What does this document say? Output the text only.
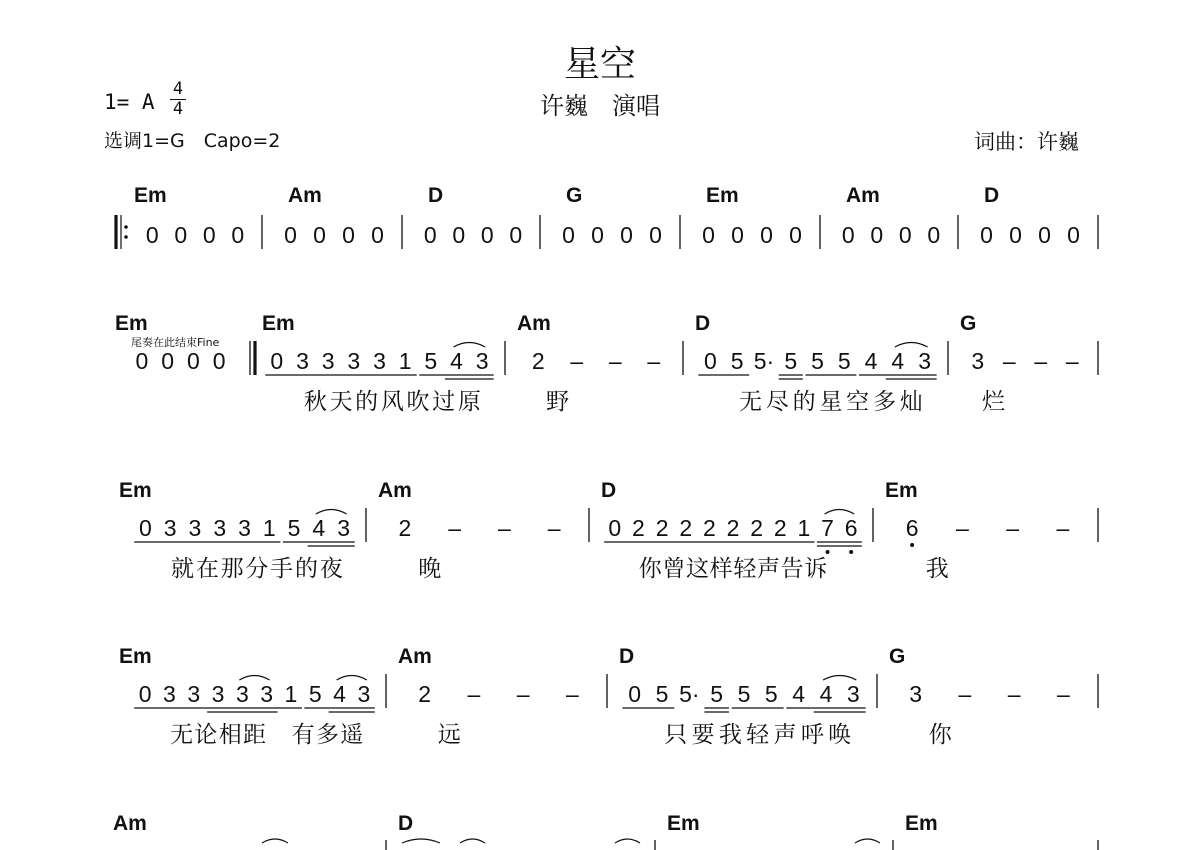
星空
许巍　演唱
1= A
4
4
选调1=G　Capo=2	词曲：许巍
Em
0 0 0 0
Am
0 0 0 0
D
0 0 0 0
G
0 0 0 0
Em
0 0 0 0
Am
0 0 0 0
D
0 0 0 0
Em
尾奏在此结束Fine
0 0 0 0
Em
0 3
秋
3
天
3
的
3
风
1
吹
5
过
4
原
3
Am
2
野
– – –
D
0 5
无
5·
尽
5
的
5
星
5
空
4
多
4
灿
3
G
3
烂
– – –
Em
0 3
就
3
在
3
那
3
分
1
手
5
的
4
夜
3
Am
2
晚
– – –
D
0 2
你
2
曾
2
这
2
样
2
轻
2
声
2
告
1
诉
7 6
Em
6
我
– – –
Em
0 3
无
3
论
3
相
3
距
3 1
有
5
多
4
遥
3
Am
2
远
– – –
D
0 5
只
5·
要
5
我
5
轻
5
声
4
呼
4
唤
3
G
3
你
– – –
Am	D	Em	Em
